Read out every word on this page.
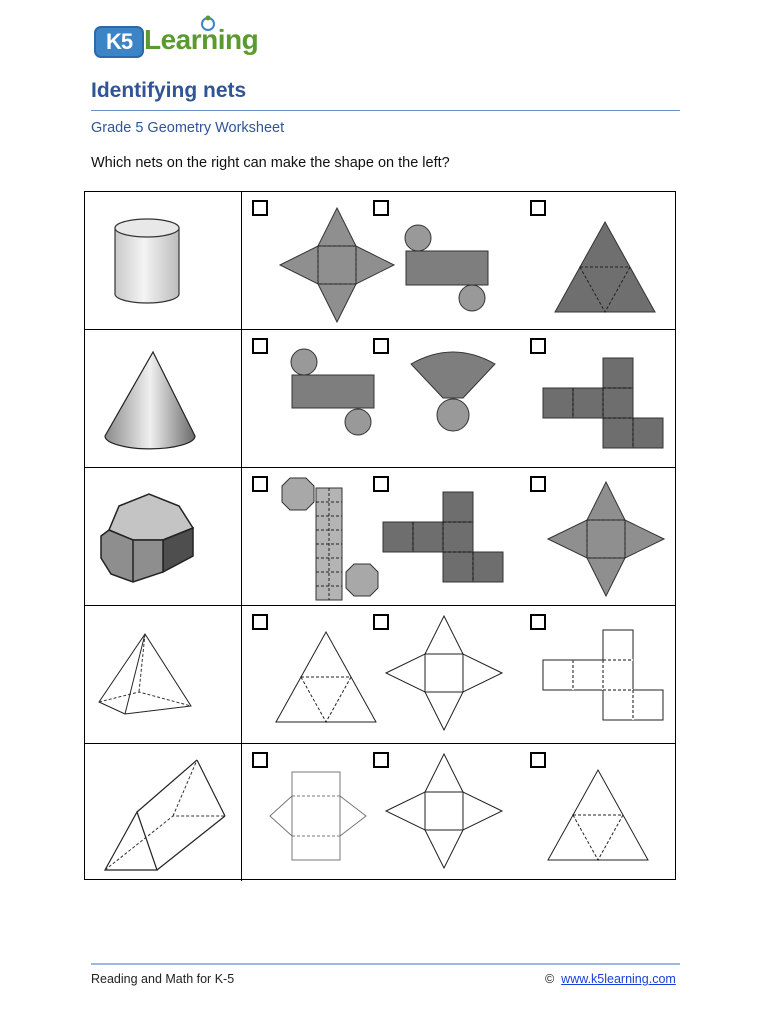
K5 Learning
Identifying nets
Grade 5 Geometry Worksheet
Which nets on the right can make the shape on the left?
Reading and Math for K-5	© www.k5learning.com
